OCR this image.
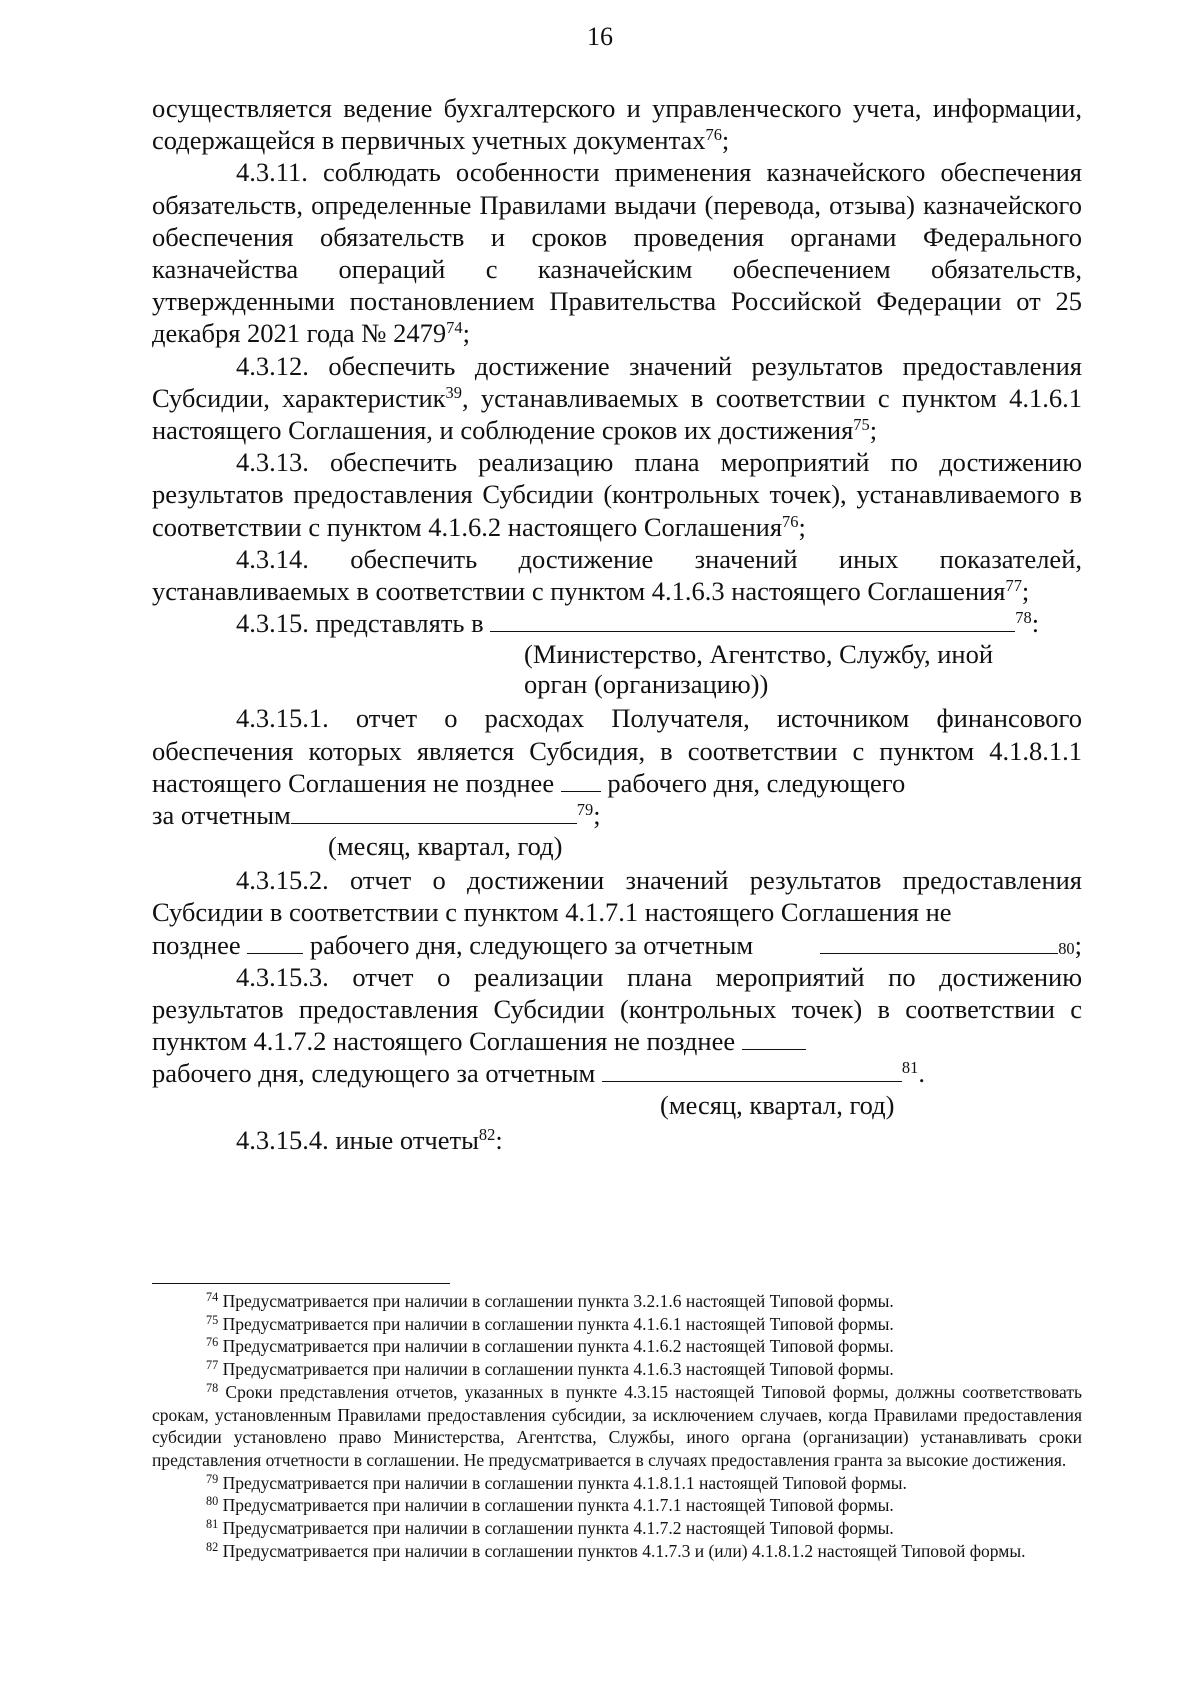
16

осуществляется ведение бухгалтерского и управленческого учета, информации, содержащейся в первичных учетных документах$^{76}$;

4.3.11. соблюдать особенности применения казначейского обеспечения обязательств, определенные Правилами выдачи (перевода, отзыва) казначейского обеспечения обязательств и сроков проведения органами Федерального казначейства операций с казначейским обеспечением обязательств, утвержденными постановлением Правительства Российской Федерации от 25 декабря 2021 года № 2479$^{74}$;

4.3.12. обеспечить достижение значений результатов предоставления Субсидии, характеристик$^{39}$, устанавливаемых в соответствии с пунктом 4.1.6.1 настоящего Соглашения, и соблюдение сроков их достижения$^{75}$;

4.3.13. обеспечить реализацию плана мероприятий по достижению результатов предоставления Субсидии (контрольных точек), устанавливаемого в соответствии с пунктом 4.1.6.2 настоящего Соглашения$^{76}$;

4.3.14. обеспечить достижение значений иных показателей, устанавливаемых в соответствии с пунктом 4.1.6.3 настоящего Соглашения$^{77}$;

4.3.15. представлять в	$^{78}$:

(Министерство, Агентство, Службу, иной

орган (организацию))

4.3.15.1. отчет о расходах Получателя, источником финансового обеспечения которых является Субсидия, в соответствии с пунктом 4.1.8.1.1 настоящего Соглашения не позднее рабочего дня, следующего

за отчетным	$^{79}$;

(месяц, квартал, год)

4.3.15.2. отчет о достижении значений результатов предоставления Субсидии в соответствии с пунктом 4.1.7.1 настоящего Соглашения не

позднее

	рабочего дня, следующего за отчетным	80 ;

4.3.15.3. отчет о реализации плана мероприятий по достижению результатов предоставления Субсидии (контрольных точек) в соответствии с пунктом 4.1.7.2 настоящего Соглашения не позднее

рабочего дня, следующего за отчетным	$^{81}$.

(месяц, квартал, год)

4.3.15.4. иные отчеты$^{82}$:

$^{74}$ Предусматривается при наличии в соглашении пункта 3.2.1.6 настоящей Типовой формы.

$^{75}$ Предусматривается при наличии в соглашении пункта 4.1.6.1 настоящей Типовой формы.

$^{76}$ Предусматривается при наличии в соглашении пункта 4.1.6.2 настоящей Типовой формы.

$^{77}$ Предусматривается при наличии в соглашении пункта 4.1.6.3 настоящей Типовой формы.

$^{78}$ Сроки представления отчетов, указанных в пункте 4.3.15 настоящей Типовой формы, должны соответствовать срокам, установленным Правилами предоставления субсидии, за исключением случаев, когда Правилами предоставления субсидии установлено право Министерства, Агентства, Службы, иного органа (организации) устанавливать сроки представления отчетности в соглашении. Не предусматривается в случаях предоставления гранта за высокие достижения.

$^{79}$ Предусматривается при наличии в соглашении пункта 4.1.8.1.1 настоящей Типовой формы.

$^{80}$ Предусматривается при наличии в соглашении пункта 4.1.7.1 настоящей Типовой формы.

$^{81}$ Предусматривается при наличии в соглашении пункта 4.1.7.2 настоящей Типовой формы.

$^{82}$ Предусматривается при наличии в соглашении пунктов 4.1.7.3 и (или) 4.1.8.1.2 настоящей Типовой формы.
